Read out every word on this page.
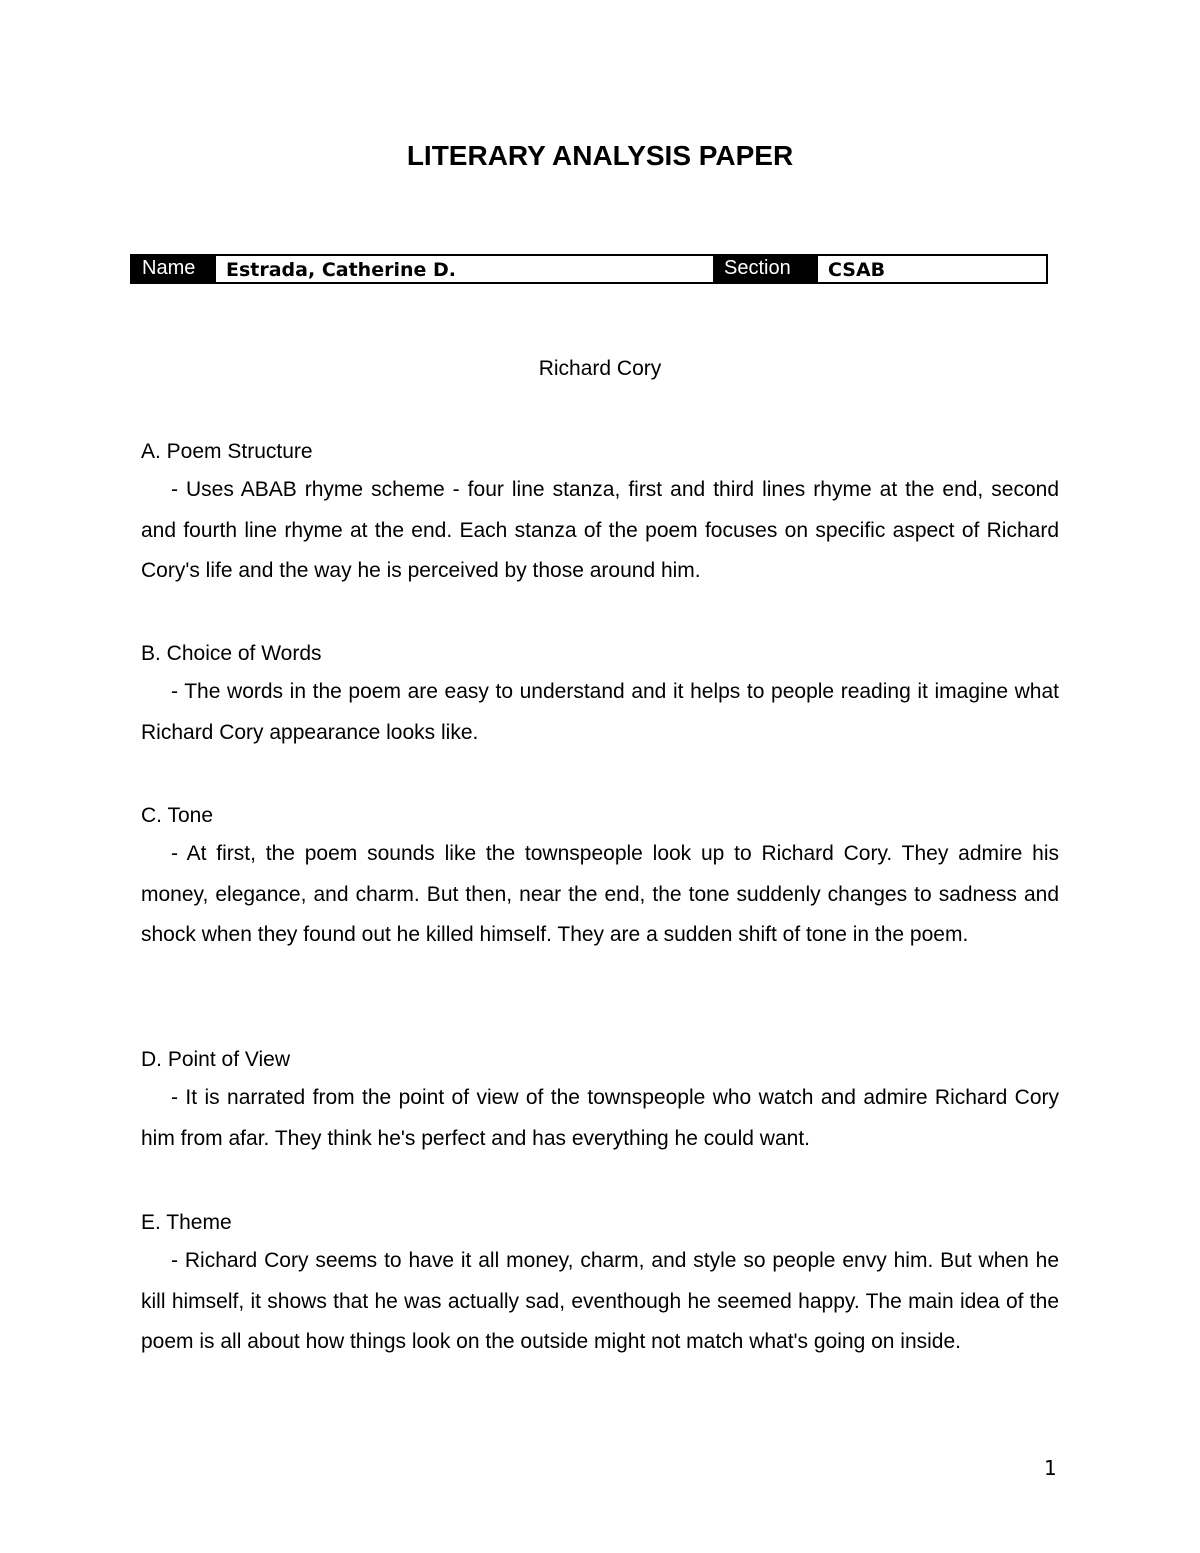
LITERARY ANALYSIS PAPER
Name	Estrada, Catherine D.	Section	CSAB

Richard Cory

A. Poem Structure

- Uses ABAB rhyme scheme - four line stanza, first and third lines rhyme at the end, second and fourth line rhyme at the end. Each stanza of the poem focuses on specific aspect of Richard Cory's life and the way he is perceived by those around him.

B. Choice of Words

- The words in the poem are easy to understand and it helps to people reading it imagine what Richard Cory appearance looks like.

C. Tone

- At first, the poem sounds like the townspeople look up to Richard Cory. They admire his money, elegance, and charm. But then, near the end, the tone suddenly changes to sadness and shock when they found out he killed himself. They are a sudden shift of tone in the poem.

D. Point of View

- It is narrated from the point of view of the townspeople who watch and admire Richard Cory him from afar. They think he's perfect and has everything he could want.

E. Theme

- Richard Cory seems to have it all money, charm, and style so people envy him. But when he kill himself, it shows that he was actually sad, eventhough he seemed happy. The main idea of the poem is all about how things look on the outside might not match what's going on inside.

1
